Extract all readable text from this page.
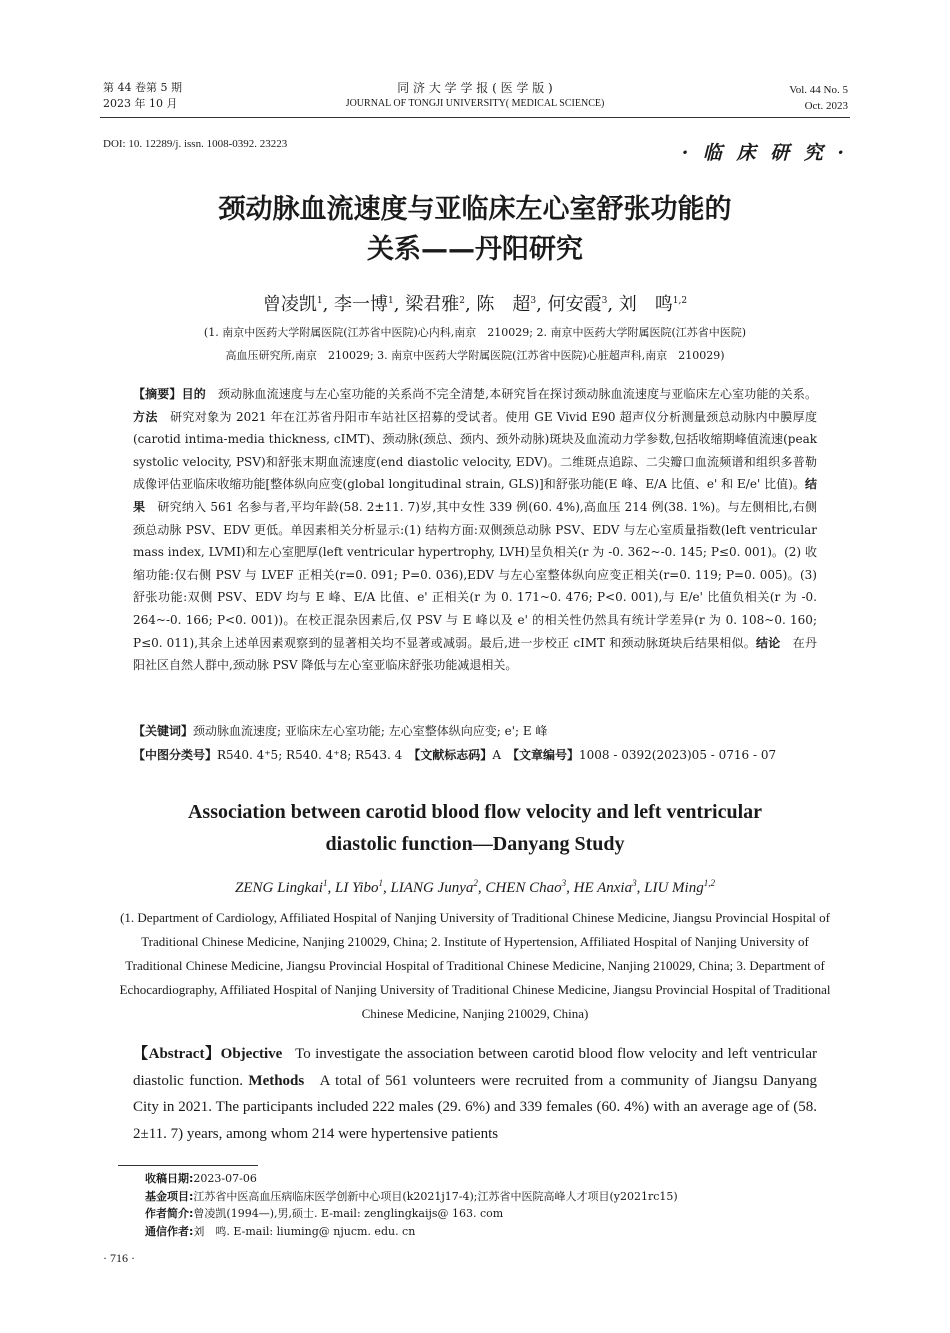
第 44 卷第 5 期
2023 年 10 月
同 济 大 学 学 报 ( 医 学 版 )
JOURNAL OF TONGJI UNIVERSITY( MEDICAL SCIENCE)
Vol. 44 No. 5
Oct. 2023
DOI: 10. 12289/j. issn. 1008-0392. 23223	· 临 床 研 究 ·
颈动脉血流速度与亚临床左心室舒张功能的
关系——丹阳研究
曾凌凯$^1$, 李一博$^1$, 梁君雅$^2$, 陈　超$^3$, 何安霞$^3$, 刘　鸣$^{1,2}$
(1. 南京中医药大学附属医院(江苏省中医院)心内科,南京　210029; 2. 南京中医药大学附属医院(江苏省中医院)
高血压研究所,南京　210029; 3. 南京中医药大学附属医院(江苏省中医院)心脏超声科,南京　210029)
【摘要】目的　 颈动脉血流速度与左心室功能的关系尚不完全清楚,本研究旨在探讨颈动脉血流速度与亚临床左心室功能的关系。方法　 研究对象为 2021 年在江苏省丹阳市车站社区招募的受试者。使用 GE Vivid E90 超声仪分析测量颈总动脉内中膜厚度(carotid intima-media thickness, cIMT)、颈动脉(颈总、颈内、颈外动脉)斑块及血流动力学参数,包括收缩期峰值流速(peak systolic velocity, PSV)和舒张末期血流速度(end diastolic velocity, EDV)。二维斑点追踪、二尖瓣口血流频谱和组织多普勒成像评估亚临床收缩功能[整体纵向应变(global longitudinal strain, GLS)]和舒张功能(E 峰、E/A 比值、e' 和 E/e' 比值)。结果　 研究纳入 561 名参与者,平均年龄(58. 2±11. 7)岁,其中女性 339 例(60. 4%),高血压 214 例(38. 1%)。与左侧相比,右侧颈总动脉 PSV、EDV 更低。单因素相关分析显示:(1) 结构方面:双侧颈总动脉 PSV、EDV 与左心室质量指数(left ventricular mass index, LVMI)和左心室肥厚(left ventricular hypertrophy, LVH)呈负相关(r 为 -0. 362~-0. 145; P≤0. 001)。(2) 收缩功能:仅右侧 PSV 与 LVEF 正相关(r=0. 091; P=0. 036),EDV 与左心室整体纵向应变正相关(r=0. 119; P=0. 005)。(3) 舒张功能:双侧 PSV、EDV 均与 E 峰、E/A 比值、e' 正相关(r 为 0. 171~0. 476; P<0. 001),与 E/e' 比值负相关(r 为 -0. 264~-0. 166; P<0. 001))。在校正混杂因素后,仅 PSV 与 E 峰以及 e' 的相关性仍然具有统计学差异(r 为 0. 108~0. 160; P≤0. 011),其余上述单因素观察到的显著相关均不显著或减弱。最后,进一步校正 cIMT 和颈动脉斑块后结果相似。结论　 在丹阳社区自然人群中,颈动脉 PSV 降低与左心室亚临床舒张功能减退相关。
【关键词】颈动脉血流速度; 亚临床左心室功能; 左心室整体纵向应变; e'; E 峰
【中图分类号】R540. 4⁺5; R540. 4⁺8; R543. 4　 【文献标志码】A　 【文章编号】1008 - 0392(2023)05 - 0716 - 07
Association between carotid blood flow velocity and left ventricular
diastolic function—Danyang Study
ZENG Lingkai$^1$, LI Yibo$^1$, LIANG Junya$^2$, CHEN Chao$^3$, HE Anxia$^3$, LIU Ming$^{1,2}$
(1. Department of Cardiology, Affiliated Hospital of Nanjing University of Traditional Chinese Medicine, Jiangsu Provincial Hospital of Traditional Chinese Medicine, Nanjing 210029, China; 2. Institute of Hypertension, Affiliated Hospital of Nanjing University of Traditional Chinese Medicine, Jiangsu Provincial Hospital of Traditional Chinese Medicine, Nanjing 210029, China; 3. Department of Echocardiography, Affiliated Hospital of Nanjing University of Traditional Chinese Medicine, Jiangsu Provincial Hospital of Traditional Chinese Medicine, Nanjing 210029, China)
【Abstract】Objective To investigate the association between carotid blood flow velocity and left ventricular diastolic function. Methods A total of 561 volunteers were recruited from a community of Jiangsu Danyang City in 2021. The participants included 222 males (29. 6%) and 339 females (60. 4%) with an average age of (58. 2±11. 7) years, among whom 214 were hypertensive patients
收稿日期:2023-07-06
基金项目:江苏省中医高血压病临床医学创新中心项目(k2021j17-4);江苏省中医院高峰人才项目(y2021rc15)
作者简介:曾凌凯(1994—),男,硕士. E-mail: zenglingkaijs@ 163. com
通信作者:刘　鸣. E-mail: liuming@ njucm. edu. cn
· 716 ·
